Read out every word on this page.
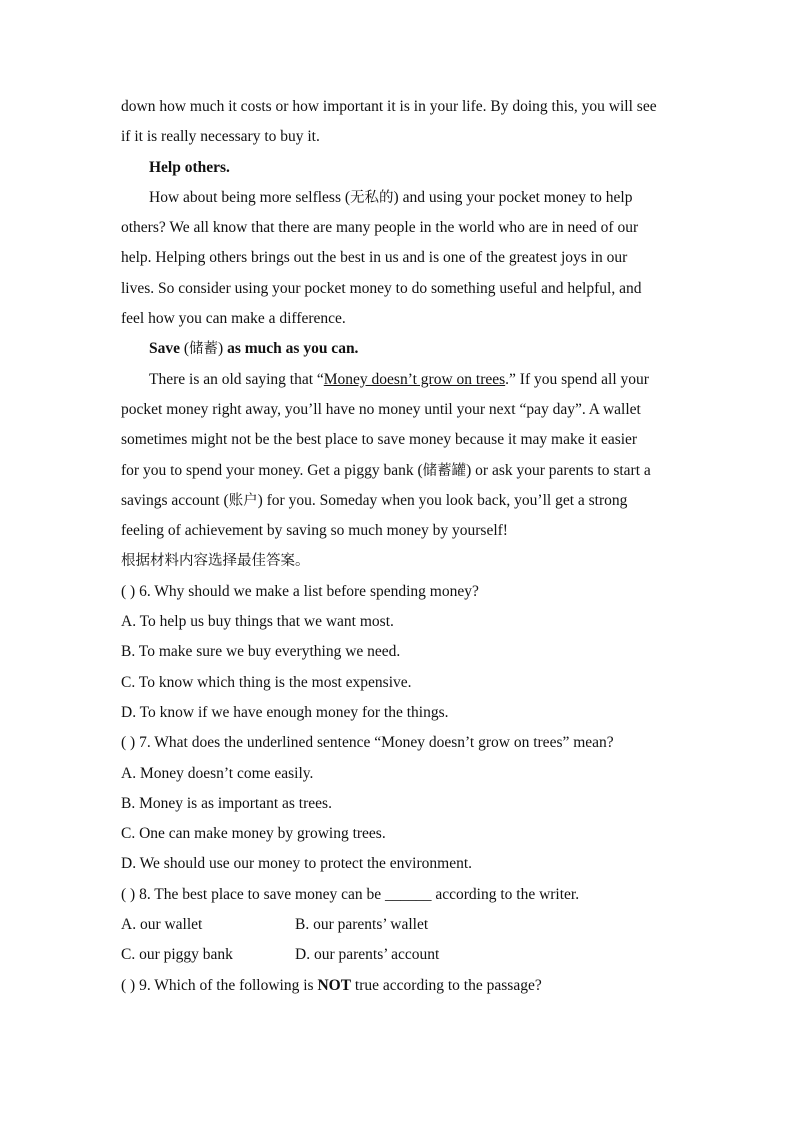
down how much it costs or how important it is in your life. By doing this, you will see
if it is really necessary to buy it.
Help others.
How about being more selfless (无私的) and using your pocket money to help
others? We all know that there are many people in the world who are in need of our
help. Helping others brings out the best in us and is one of the greatest joys in our
lives. So consider using your pocket money to do something useful and helpful, and
feel how you can make a difference.
Save (储蓄) as much as you can.
There is an old saying that “Money doesn’t grow on trees.” If you spend all your
pocket money right away, you’ll have no money until your next “pay day”. A wallet
sometimes might not be the best place to save money because it may make it easier
for you to spend your money. Get a piggy bank (储蓄罐) or ask your parents to start a
savings account (账户) for you. Someday when you look back, you’ll get a strong
feeling of achievement by saving so much money by yourself!
根据材料内容选择最佳答案。
( ) 6. Why should we make a list before spending money?
A. To help us buy things that we want most.
B. To make sure we buy everything we need.
C. To know which thing is the most expensive.
D. To know if we have enough money for the things.
( ) 7. What does the underlined sentence “Money doesn’t grow on trees” mean?
A. Money doesn’t come easily.
B. Money is as important as trees.
C. One can make money by growing trees.
D. We should use our money to protect the environment.
( ) 8. The best place to save money can be ______ according to the writer.
A. our wallet	B. our parents’ wallet
C. our piggy bank	D. our parents’ account
( ) 9. Which of the following is NOT true according to the passage?
